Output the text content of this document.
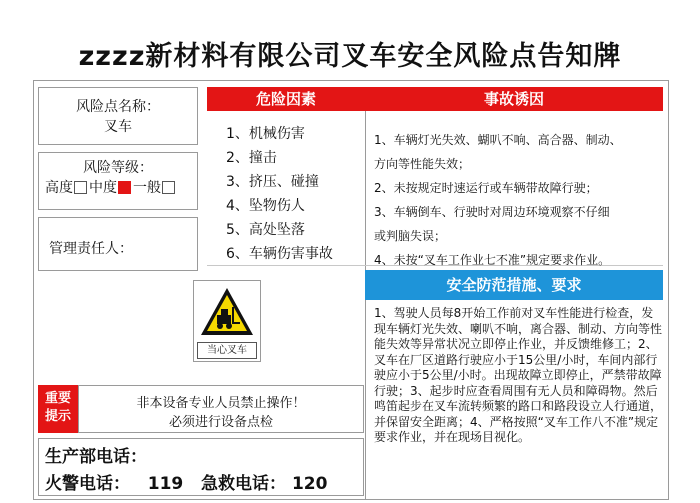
zzzz新材料有限公司叉车安全风险点告知牌
风险点名称：
叉车
风险等级：
高度 中度 一般
管理责任人：
危险因素	事故诱因
1、机械伤害
2、撞击
3、挤压、碰撞
4、坠物伤人
5、高处坠落
6、车辆伤害事故
1、车辆灯光失效、蝴叭不响、高合器、制动、
方向等性能失效；
2、未按规定时速运行或车辆带故障行驶；
3、车辆倒车、行驶时对周边环境观察不仔细
或判脑失误；
4、未按“叉车工作业七不准”规定要求作业。
安全防范措施、要求
1、驾驶人员每8开始工作前对叉车性能进行检查，发现车辆灯光失效、喇叭不响，离合器、制动、方向等性能失效等异常状况立即停止作业，并反馈维修工；2、叉车在厂区道路行驶应小于15公里/小时，车间内部行驶应小于5公里/小时。出现故障立即停止，严禁带故障行驶；3、起步时应查看周围有无人员和障碍物。然后鸣笛起步在叉车流转频繁的路口和路段设立人行通道，并保留安全距离；4、严格按照“叉车工作八不准”规定要求作业，并在现场目视化。
当心叉车
重要
提示
非本设备专业人员禁止操作！
必须进行设备点检
生产部电话：
火警电话： 119 急救电话： 120
